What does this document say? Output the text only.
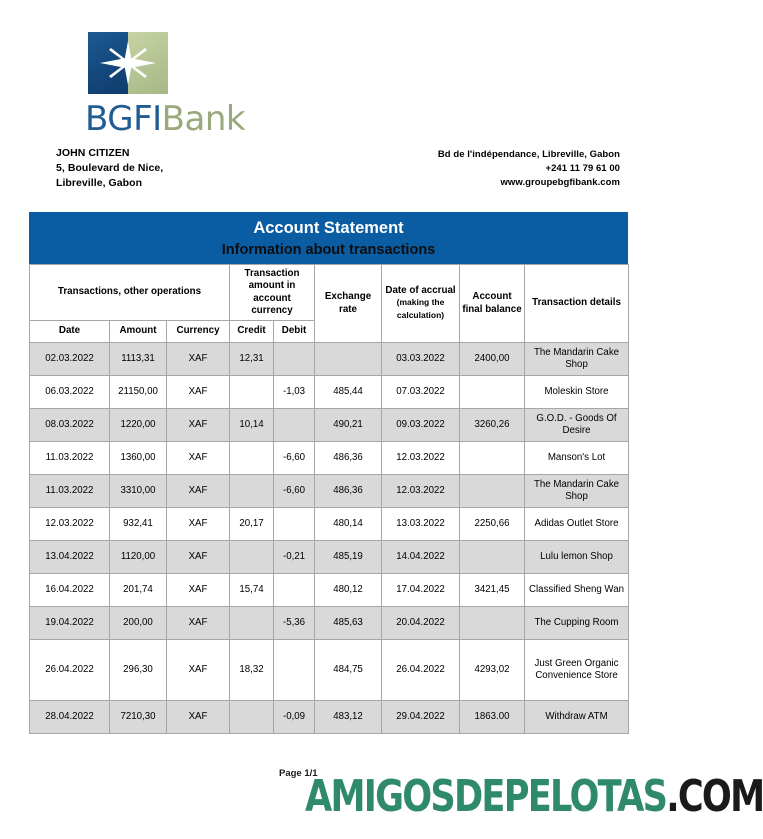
BGFIBank
JOHN CITIZEN
5, Boulevard de Nice,
Libreville, Gabon
Bd de l'indépendance, Libreville, Gabon
+241 11 79 61 00
www.groupebgfibank.com
Account Statement
Information about transactions
Transactions, other operations			Transaction amount in account currency		Exchange rate	Date of accrual (making the calculation)	Account final balance	Transaction details
Date	Amount	Currency	Credit	Debit				
02.03.2022	1113,31	XAF	12,31			03.03.2022	2400,00	The Mandarin Cake Shop
06.03.2022	21150,00	XAF		-1,03	485,44	07.03.2022		Moleskin Store
08.03.2022	1220,00	XAF	10,14		490,21	09.03.2022	3260,26	G.O.D. - Goods Of Desire
11.03.2022	1360,00	XAF		-6,60	486,36	12.03.2022		Manson's Lot
11.03.2022	3310,00	XAF		-6,60	486,36	12.03.2022		The Mandarin Cake Shop
12.03.2022	932,41	XAF	20,17		480,14	13.03.2022	2250,66	Adidas Outlet Store
13.04.2022	1120,00	XAF		-0,21	485,19	14.04.2022		Lulu lemon Shop
16.04.2022	201,74	XAF	15,74		480,12	17.04.2022	3421,45	Classified Sheng Wan
19.04.2022	200,00	XAF		-5,36	485,63	20.04.2022		The Cupping Room
26.04.2022	296,30	XAF	18,32		484,75	26.04.2022	4293,02	Just Green Organic Convenience Store
28.04.2022	7210,30	XAF		-0,09	483,12	29.04.2022	1863.00	Withdraw ATM
Page 1/1
AMIGOSDEPELOTAS.COM
